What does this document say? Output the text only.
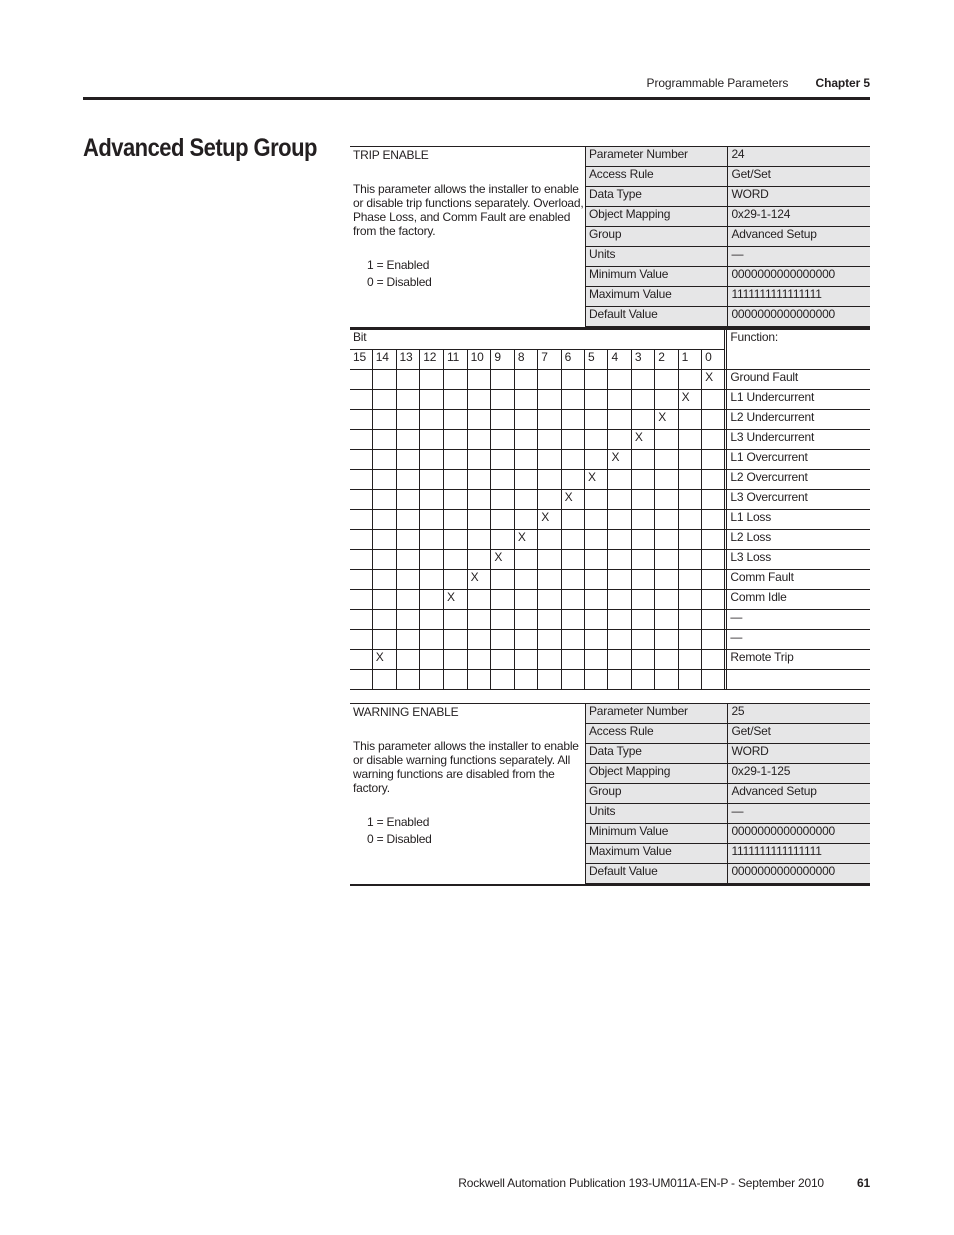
Programmable Parameters Chapter 5
Advanced Setup Group	TRIP ENABLE

This parameter allows the installer to enable or disable trip functions separately. Overload, Phase Loss, and Comm Fault are enabled from the factory.

1 = Enabled

0 = Disabled

Parameter Number	24
Access Rule	Get/Set
Data Type	WORD
Object Mapping	0x29-1-124
Group	Advanced Setup
Units	—
Minimum Value	0000000000000000
Maximum Value	1111111111111111
Default Value	0000000000000000
Bit																	Function:
15	14	13	12	11	10	9	8	7	6	5	4	3	2	1	0		
															X		Ground Fault
														X			L1 Undercurrent
													X				L2 Undercurrent
												X					L3 Undercurrent
											X						L1 Overcurrent
										X							L2 Overcurrent
									X								L3 Overcurrent
								X									L1 Loss
							X										L2 Loss
						X											L3 Loss
					X												Comm Fault
				X													Comm Idle
																	—
																	—
	X																Remote Trip

WARNING ENABLE

This parameter allows the installer to enable or disable warning functions separately. All warning functions are disabled from the factory.

1 = Enabled

0 = Disabled

Parameter Number	25
Access Rule	Get/Set
Data Type	WORD
Object Mapping	0x29-1-125
Group	Advanced Setup
Units	—
Minimum Value	0000000000000000
Maximum Value	1111111111111111
Default Value	0000000000000000
Rockwell Automation Publication 193-UM011A-EN-P - September 2010	61
